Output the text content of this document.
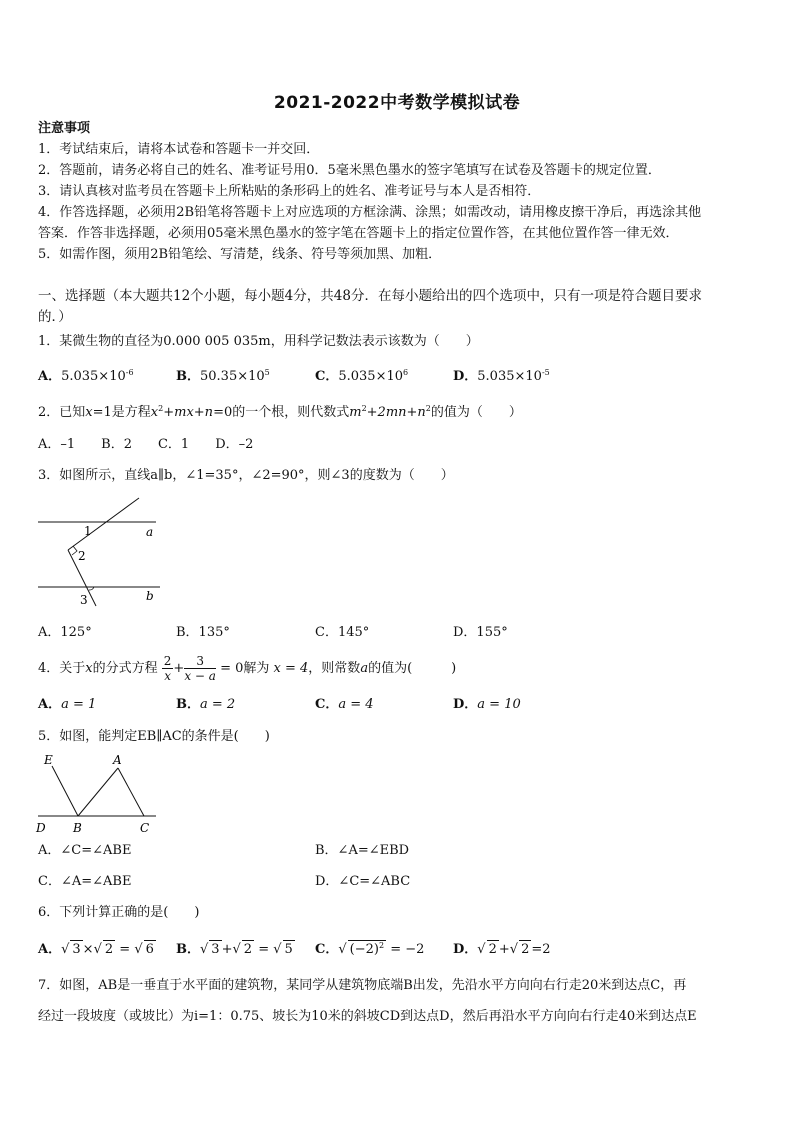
2021-2022中考数学模拟试卷
注意事项
1．考试结束后，请将本试卷和答题卡一并交回．
2．答题前，请务必将自己的姓名、准考证号用0．5毫米黑色墨水的签字笔填写在试卷及答题卡的规定位置．
3．请认真核对监考员在答题卡上所粘贴的条形码上的姓名、准考证号与本人是否相符．
4．作答选择题，必须用2B铅笔将答题卡上对应选项的方框涂满、涂黑；如需改动，请用橡皮擦干净后，再选涂其他
答案．作答非选择题，必须用05毫米黑色墨水的签字笔在答题卡上的指定位置作答，在其他位置作答一律无效．
5．如需作图，须用2B铅笔绘、写清楚，线条、符号等须加黑、加粗．
一、选择题（本大题共12个小题，每小题4分，共48分．在每小题给出的四个选项中，只有一项是符合题目要求
的．）
1．某微生物的直径为0.000 005 035m，用科学记数法表示该数为（　　）
A．$5.035\times 10^{-6}$	B．$50.35\times 10^5$	C．$5.035\times 10^6$	D．$5.035\times 10^{-5}$
2．已知x=1是方程$x^2+mx+n=0$的一个根，则代数式$m^2+2mn+n^2$的值为（　　）
A．–1　　B．2　　C．1　　D．–2
3．如图所示，直线a∥b，∠1=35°，∠2=90°，则∠3的度数为（　　）
1
2
3
a
b
A．125°	B．135°	C．145°	D．155°
4．关于x的分式方程 $\frac{2}{x} + \frac{3}{x - a} = 0$解为 x = 4，则常数a的值为(　　　)
A．a = 1	B．a = 2	C．a = 4	D．a = 10
5．如图，能判定EB∥AC的条件是(　　)
E	A
D B	C
A．∠C=∠ABE	B．∠A=∠EBD
C．∠A=∠ABE	D．∠C=∠ABC
6．下列计算正确的是(　　)
A．√ 3 ×√ 2 = √ 6 B．√ 3 +√ 2 = √ 5 C．√ $(-2)^2 = -2$ D．√ 2 +√ 2 =2
7．如图，AB是一垂直于水平面的建筑物，某同学从建筑物底端B出发，先沿水平方向向右行走20米到达点C，再
经过一段坡度（或坡比）为i=1：0.75、坡长为10米的斜坡CD到达点D，然后再沿水平方向向右行走40米到达点E
